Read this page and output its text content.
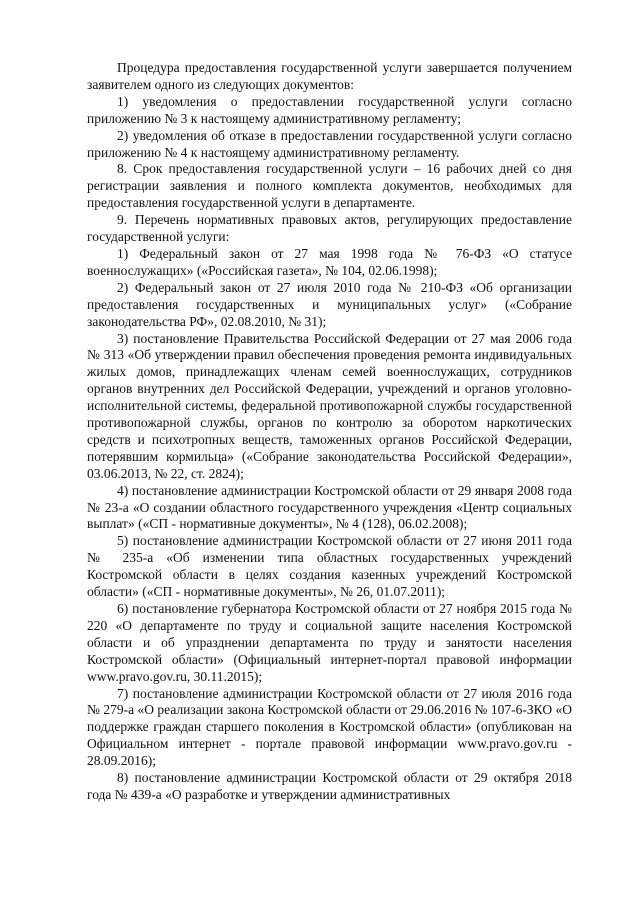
Процедура предоставления государственной услуги завершается получением заявителем одного из следующих документов:

1) уведомления о предоставлении государственной услуги согласно приложению № 3 к настоящему административному регламенту;

2) уведомления об отказе в предоставлении государственной услуги согласно приложению № 4 к настоящему административному регламенту.

8. Срок предоставления государственной услуги – 16 рабочих дней со дня регистрации заявления и полного комплекта документов, необходимых для предоставления государственной услуги в департаменте.

9. Перечень нормативных правовых актов, регулирующих предоставление государственной услуги:

1) Федеральный закон от 27 мая 1998 года № 76-ФЗ «О статусе военнослужащих» («Российская газета», № 104, 02.06.1998);

2) Федеральный закон от 27 июля 2010 года № 210-ФЗ «Об организации предоставления государственных и муниципальных услуг» («Собрание законодательства РФ», 02.08.2010, № 31);

3) постановление Правительства Российской Федерации от 27 мая 2006 года № 313 «Об утверждении правил обеспечения проведения ремонта индивидуальных жилых домов, принадлежащих членам семей военнослужащих, сотрудников органов внутренних дел Российской Федерации, учреждений и органов уголовно-исполнительной системы, федеральной противопожарной службы государственной противопожарной службы, органов по контролю за оборотом наркотических средств и психотропных веществ, таможенных органов Российской Федерации, потерявшим кормильца» («Собрание законодательства Российской Федерации», 03.06.2013, № 22, ст. 2824);

4) постановление администрации Костромской области от 29 января 2008 года № 23-а «О создании областного государственного учреждения «Центр социальных выплат» («СП - нормативные документы», № 4 (128), 06.02.2008);

5) постановление администрации Костромской области от 27 июня 2011 года № 235-а «Об изменении типа областных государственных учреждений Костромской области в целях создания казенных учреждений Костромской области» («СП - нормативные документы», № 26, 01.07.2011);

6) постановление губернатора Костромской области от 27 ноября 2015 года № 220 «О департаменте по труду и социальной защите населения Костромской области и об упразднении департамента по труду и занятости населения Костромской области» (Официальный интернет-портал правовой информации www.pravo.gov.ru, 30.11.2015);

7) постановление администрации Костромской области от 27 июля 2016 года № 279-а «О реализации закона Костромской области от 29.06.2016 № 107-6-ЗКО «О поддержке граждан старшего поколения в Костромской области» (опубликован на Официальном интернет - портале правовой информации www.pravo.gov.ru - 28.09.2016);

8) постановление администрации Костромской области от 29 октября 2018 года № 439-а «О разработке и утверждении административных
